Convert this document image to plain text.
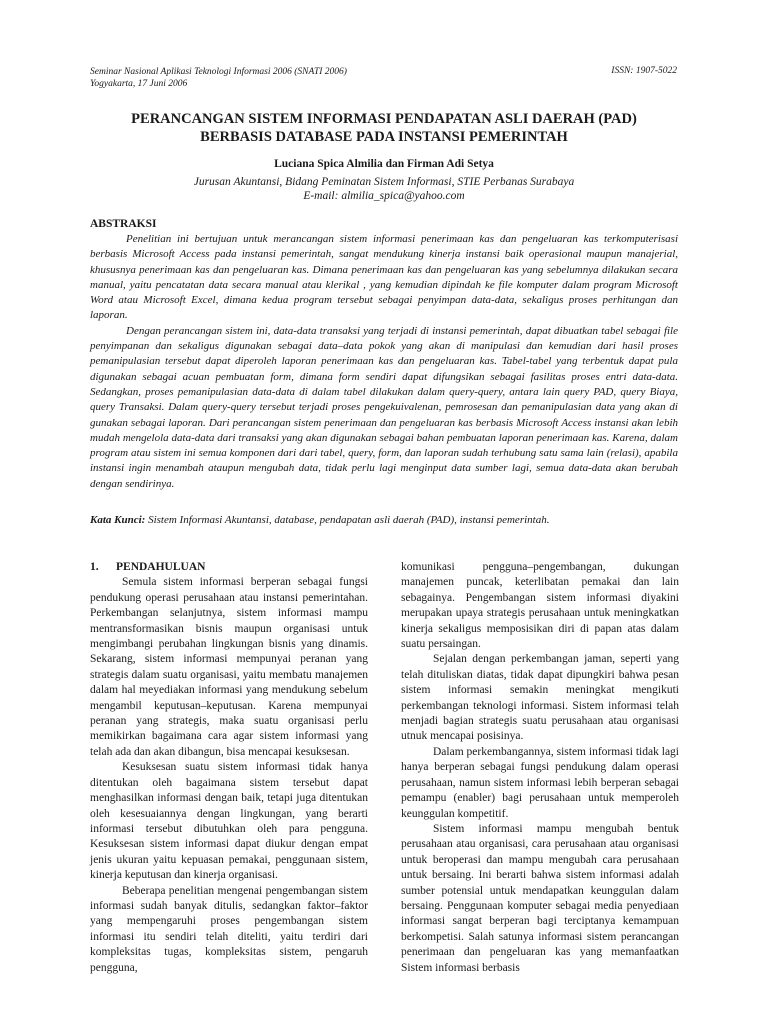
Seminar Nasional Aplikasi Teknologi Informasi 2006 (SNATI 2006)
Yogyakarta, 17 Juni 2006
ISSN: 1907-5022
PERANCANGAN SISTEM INFORMASI PENDAPATAN ASLI DAERAH (PAD)
BERBASIS DATABASE PADA INSTANSI PEMERINTAH
Luciana Spica Almilia dan Firman Adi Setya
Jurusan Akuntansi, Bidang Peminatan Sistem Informasi, STIE Perbanas Surabaya
E-mail: almilia_spica@yahoo.com
ABSTRAKSI

Penelitian ini bertujuan untuk merancangan sistem informasi penerimaan kas dan pengeluaran kas terkomputerisasi berbasis Microsoft Access pada instansi pemerintah, sangat mendukung kinerja instansi baik operasional maupun manajerial, khususnya penerimaan kas dan pengeluaran kas. Dimana penerimaan kas dan pengeluaran kas yang sebelumnya dilakukan secara manual, yaitu pencatatan data secara manual atau klerikal , yang kemudian dipindah ke file komputer dalam program Microsoft Word atau Microsoft Excel, dimana kedua program tersebut sebagai penyimpan data-data, sekaligus proses perhitungan dan laporan.

Dengan perancangan sistem ini, data-data transaksi yang terjadi di instansi pemerintah, dapat dibuatkan tabel sebagai file penyimpanan dan sekaligus digunakan sebagai data–data pokok yang akan di manipulasi dan kemudian dari hasil proses pemanipulasian tersebut dapat diperoleh laporan penerimaan kas dan pengeluaran kas. Tabel-tabel yang terbentuk dapat pula digunakan sebagai acuan pembuatan form, dimana form sendiri dapat difungsikan sebagai fasilitas proses entri data-data. Sedangkan, proses pemanipulasian data-data di dalam tabel dilakukan dalam query-query, antara lain query PAD, query Biaya, query Transaksi. Dalam query-query tersebut terjadi proses pengekuivalenan, pemrosesan dan pemanipulasian data yang akan di gunakan sebagai laporan. Dari perancangan sistem penerimaan dan pengeluaran kas berbasis Microsoft Access instansi akan lebih mudah mengelola data-data dari transaksi yang akan digunakan sebagai bahan pembuatan laporan penerimaan kas. Karena, dalam program atau sistem ini semua komponen dari dari tabel, query, form, dan laporan sudah terhubung satu sama lain (relasi), apabila instansi ingin menambah ataupun mengubah data, tidak perlu lagi menginput data sumber lagi, semua data-data akan berubah dengan sendirinya.

Kata Kunci: Sistem Informasi Akuntansi, database, pendapatan asli daerah (PAD), instansi pemerintah.
1. PENDAHULUAN

Semula sistem informasi berperan sebagai fungsi pendukung operasi perusahaan atau instansi pemerintahan. Perkembangan selanjutnya, sistem informasi mampu mentransformasikan bisnis maupun organisasi untuk mengimbangi perubahan lingkungan bisnis yang dinamis. Sekarang, sistem informasi mempunyai peranan yang strategis dalam suatu organisasi, yaitu membatu manajemen dalam hal meyediakan informasi yang mendukung sebelum mengambil keputusan–keputusan. Karena mempunyai peranan yang strategis, maka suatu organisasi perlu memikirkan bagaimana cara agar sistem informasi yang telah ada dan akan dibangun, bisa mencapai kesuksesan.

Kesuksesan suatu sistem informasi tidak hanya ditentukan oleh bagaimana sistem tersebut dapat menghasilkan informasi dengan baik, tetapi juga ditentukan oleh kesesuaiannya dengan lingkungan, yang berarti informasi tersebut dibutuhkan oleh para pengguna. Kesuksesan sistem informasi dapat diukur dengan empat jenis ukuran yaitu kepuasan pemakai, penggunaan sistem, kinerja keputusan dan kinerja organisasi.

Beberapa penelitian mengenai pengembangan sistem informasi sudah banyak ditulis, sedangkan faktor–faktor yang mempengaruhi proses pengembangan sistem informasi itu sendiri telah diteliti, yaitu terdiri dari kompleksitas tugas, kompleksitas sistem, pengaruh pengguna,

komunikasi pengguna–pengembangan, dukungan manajemen puncak, keterlibatan pemakai dan lain sebagainya. Pengembangan sistem informasi diyakini merupakan upaya strategis perusahaan untuk meningkatkan kinerja sekaligus memposisikan diri di papan atas dalam suatu persaingan.

Sejalan dengan perkembangan jaman, seperti yang telah dituliskan diatas, tidak dapat dipungkiri bahwa pesan sistem informasi semakin meningkat mengikuti perkembangan teknologi informasi. Sistem informasi telah menjadi bagian strategis suatu perusahaan atau organisasi utnuk mencapai posisinya.

Dalam perkembangannya, sistem informasi tidak lagi hanya berperan sebagai fungsi pendukung dalam operasi perusahaan, namun sistem informasi lebih berperan sebagai pemampu (enabler) bagi perusahaan untuk memperoleh keunggulan kompetitif.

Sistem informasi mampu mengubah bentuk perusahaan atau organisasi, cara perusahaan atau organisasi untuk beroperasi dan mampu mengubah cara perusahaan untuk bersaing. Ini berarti bahwa sistem informasi adalah sumber potensial untuk mendapatkan keunggulan dalam bersaing. Penggunaan komputer sebagai media penyediaan informasi sangat berperan bagi terciptanya kemampuan berkompetisi. Salah satunya informasi sistem perancangan penerimaan dan pengeluaran kas yang memanfaatkan Sistem informasi berbasis
